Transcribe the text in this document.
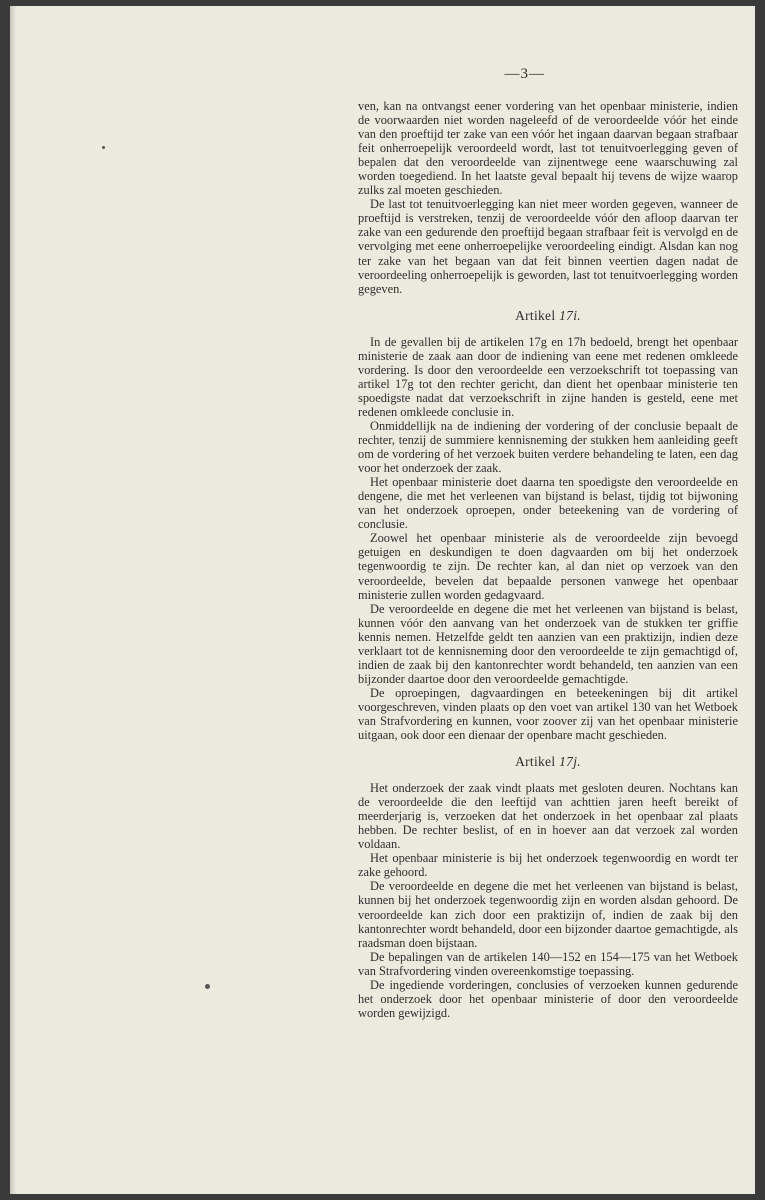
—3—

ven, kan na ontvangst eener vordering van het openbaar ministerie, indien de voorwaarden niet worden nageleefd of de veroordeelde vóór het einde van den proeftijd ter zake van een vóór het ingaan daarvan begaan strafbaar feit onherroepelijk veroordeeld wordt, last tot tenuitvoerlegging geven of bepalen dat den veroordeelde van zijnentwege eene waarschuwing zal worden toegediend. In het laatste geval bepaalt hij tevens de wijze waarop zulks zal moeten geschieden.

De last tot tenuitvoerlegging kan niet meer worden gegeven, wanneer de proeftijd is verstreken, tenzij de veroordeelde vóór den afloop daarvan ter zake van een gedurende den proeftijd begaan strafbaar feit is vervolgd en de vervolging met eene onherroepelijke veroordeeling eindigt. Alsdan kan nog ter zake van het begaan van dat feit binnen veertien dagen nadat de veroordeeling onherroepelijk is geworden, last tot tenuitvoerlegging worden gegeven.

Artikel 17i.

In de gevallen bij de artikelen 17g en 17h bedoeld, brengt het openbaar ministerie de zaak aan door de indiening van eene met redenen omkleede vordering. Is door den veroordeelde een verzoekschrift tot toepassing van artikel 17g tot den rechter gericht, dan dient het openbaar ministerie ten spoedigste nadat dat verzoekschrift in zijne handen is gesteld, eene met redenen omkleede conclusie in.

Onmiddellijk na de indiening der vordering of der conclusie bepaalt de rechter, tenzij de summiere kennisneming der stukken hem aanleiding geeft om de vordering of het verzoek buiten verdere behandeling te laten, een dag voor het onderzoek der zaak.

Het openbaar ministerie doet daarna ten spoedigste den veroordeelde en dengene, die met het verleenen van bijstand is belast, tijdig tot bijwoning van het onderzoek oproepen, onder beteekening van de vordering of conclusie.

Zoowel het openbaar ministerie als de veroordeelde zijn bevoegd getuigen en deskundigen te doen dagvaarden om bij het onderzoek tegenwoordig te zijn. De rechter kan, al dan niet op verzoek van den veroordeelde, bevelen dat bepaalde personen vanwege het openbaar ministerie zullen worden gedagvaard.

De veroordeelde en degene die met het verleenen van bijstand is belast, kunnen vóór den aanvang van het onderzoek van de stukken ter griffie kennis nemen. Hetzelfde geldt ten aanzien van een praktizijn, indien deze verklaart tot de kennisneming door den veroordeelde te zijn gemachtigd of, indien de zaak bij den kantonrechter wordt behandeld, ten aanzien van een bijzonder daartoe door den veroordeelde gemachtigde.

De oproepingen, dagvaardingen en beteekeningen bij dit artikel voorgeschreven, vinden plaats op den voet van artikel 130 van het Wetboek van Strafvordering en kunnen, voor zoover zij van het openbaar ministerie uitgaan, ook door een dienaar der openbare macht geschieden.

Artikel 17j.

Het onderzoek der zaak vindt plaats met gesloten deuren. Nochtans kan de veroordeelde die den leeftijd van achttien jaren heeft bereikt of meerderjarig is, verzoeken dat het onderzoek in het openbaar zal plaats hebben. De rechter beslist, of en in hoever aan dat verzoek zal worden voldaan.

Het openbaar ministerie is bij het onderzoek tegenwoordig en wordt ter zake gehoord.

De veroordeelde en degene die met het verleenen van bijstand is belast, kunnen bij het onderzoek tegenwoordig zijn en worden alsdan gehoord. De veroordeelde kan zich door een praktizijn of, indien de zaak bij den kantonrechter wordt behandeld, door een bijzonder daartoe gemachtigde, als raadsman doen bijstaan.

De bepalingen van de artikelen 140—152 en 154—175 van het Wetboek van Strafvordering vinden overeenkomstige toepassing.

De ingediende vorderingen, conclusies of verzoeken kunnen gedurende het onderzoek door het openbaar ministerie of door den veroordeelde worden gewijzigd.
